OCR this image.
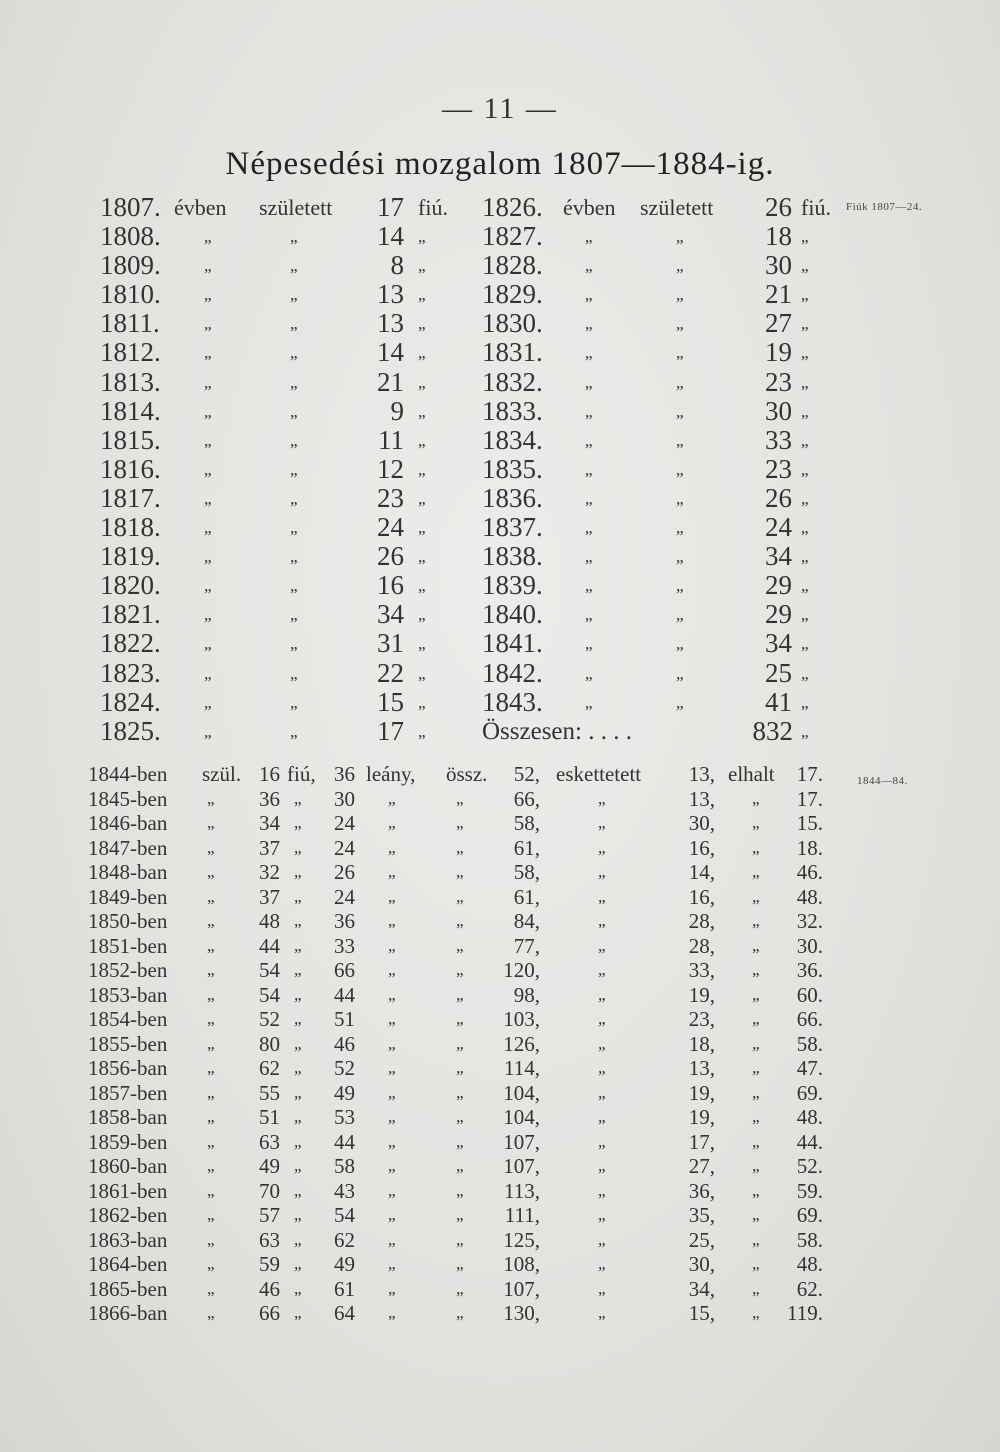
— 11 —
Népesedési mozgalom 1807—1884-ig.
Fiúk 1807—24.
1844—84.
1807. évben született	17 fiú. 1826. évben született	26 fiú.
1808.	„	„	14 „ 1827. „	„	18 „
1809.	„	„	8 „ 1828. „	„	30 „
1810.	„	„	13 „ 1829. „	„	21 „
1811.	„	„	13 „ 1830. „	„	27 „
1812.	„	„	14 „ 1831. „	„	19 „
1813.	„	„	21 „ 1832. „	„	23 „
1814.	„	„	9 „ 1833. „	„	30 „
1815.	„	„	11 „ 1834. „	„	33 „
1816.	„	„	12 „ 1835. „	„	23 „
1817.	„	„	23 „ 1836. „	„	26 „
1818.	„	„	24 „ 1837. „	„	24 „
1819.	„	„	26 „ 1838. „	„	34 „
1820.	„	„	16 „ 1839. „	„	29 „
1821.	„	„	34 „ 1840. „	„	29 „
1822.	„	„	31 „ 1841. „	„	34 „
1823.	„	„	22 „ 1842. „	„	25 „
1824.	„	„	15 „ 1843. „	„	41 „
1825.	„	„	17 „ Összesen: . . . .	832 „
1844-ben szül. 16 fiú, 36 leány, össz.	52, eskettetett	13, elhalt	17.
1845-ben „	36 „	30 „	„	66,	„	13, „	17.
1846-ban „	34 „	24 „	„	58,	„	30, „	15.
1847-ben „	37 „	24 „	„	61,	„	16, „	18.
1848-ban „	32 „	26 „	„	58,	„	14, „	46.
1849-ben „	37 „	24 „	„	61,	„	16, „	48.
1850-ben „	48 „	36 „	„	84,	„	28, „	32.
1851-ben „	44 „	33 „	„	77,	„	28, „	30.
1852-ben „	54 „	66 „	„	120,	„	33, „	36.
1853-ban „	54 „	44 „	„	98,	„	19, „	60.
1854-ben „	52 „	51 „	„	103,	„	23, „	66.
1855-ben „	80 „	46 „	„	126,	„	18, „	58.
1856-ban „	62 „	52 „	„	114,	„	13, „	47.
1857-ben „	55 „	49 „	„	104,	„	19, „	69.
1858-ban „	51 „	53 „	„	104,	„	19, „	48.
1859-ben „	63 „	44 „	„	107,	„	17, „	44.
1860-ban „	49 „	58 „	„	107,	„	27, „	52.
1861-ben „	70 „	43 „	„	113,	„	36, „	59.
1862-ben „	57 „	54 „	„	111,	„	35, „	69.
1863-ban „	63 „	62 „	„	125,	„	25, „	58.
1864-ben „	59 „	49 „	„	108,	„	30, „	48.
1865-ben „	46 „	61 „	„	107,	„	34, „	62.
1866-ban „	66 „	64 „	„	130,	„	15, „	119.
